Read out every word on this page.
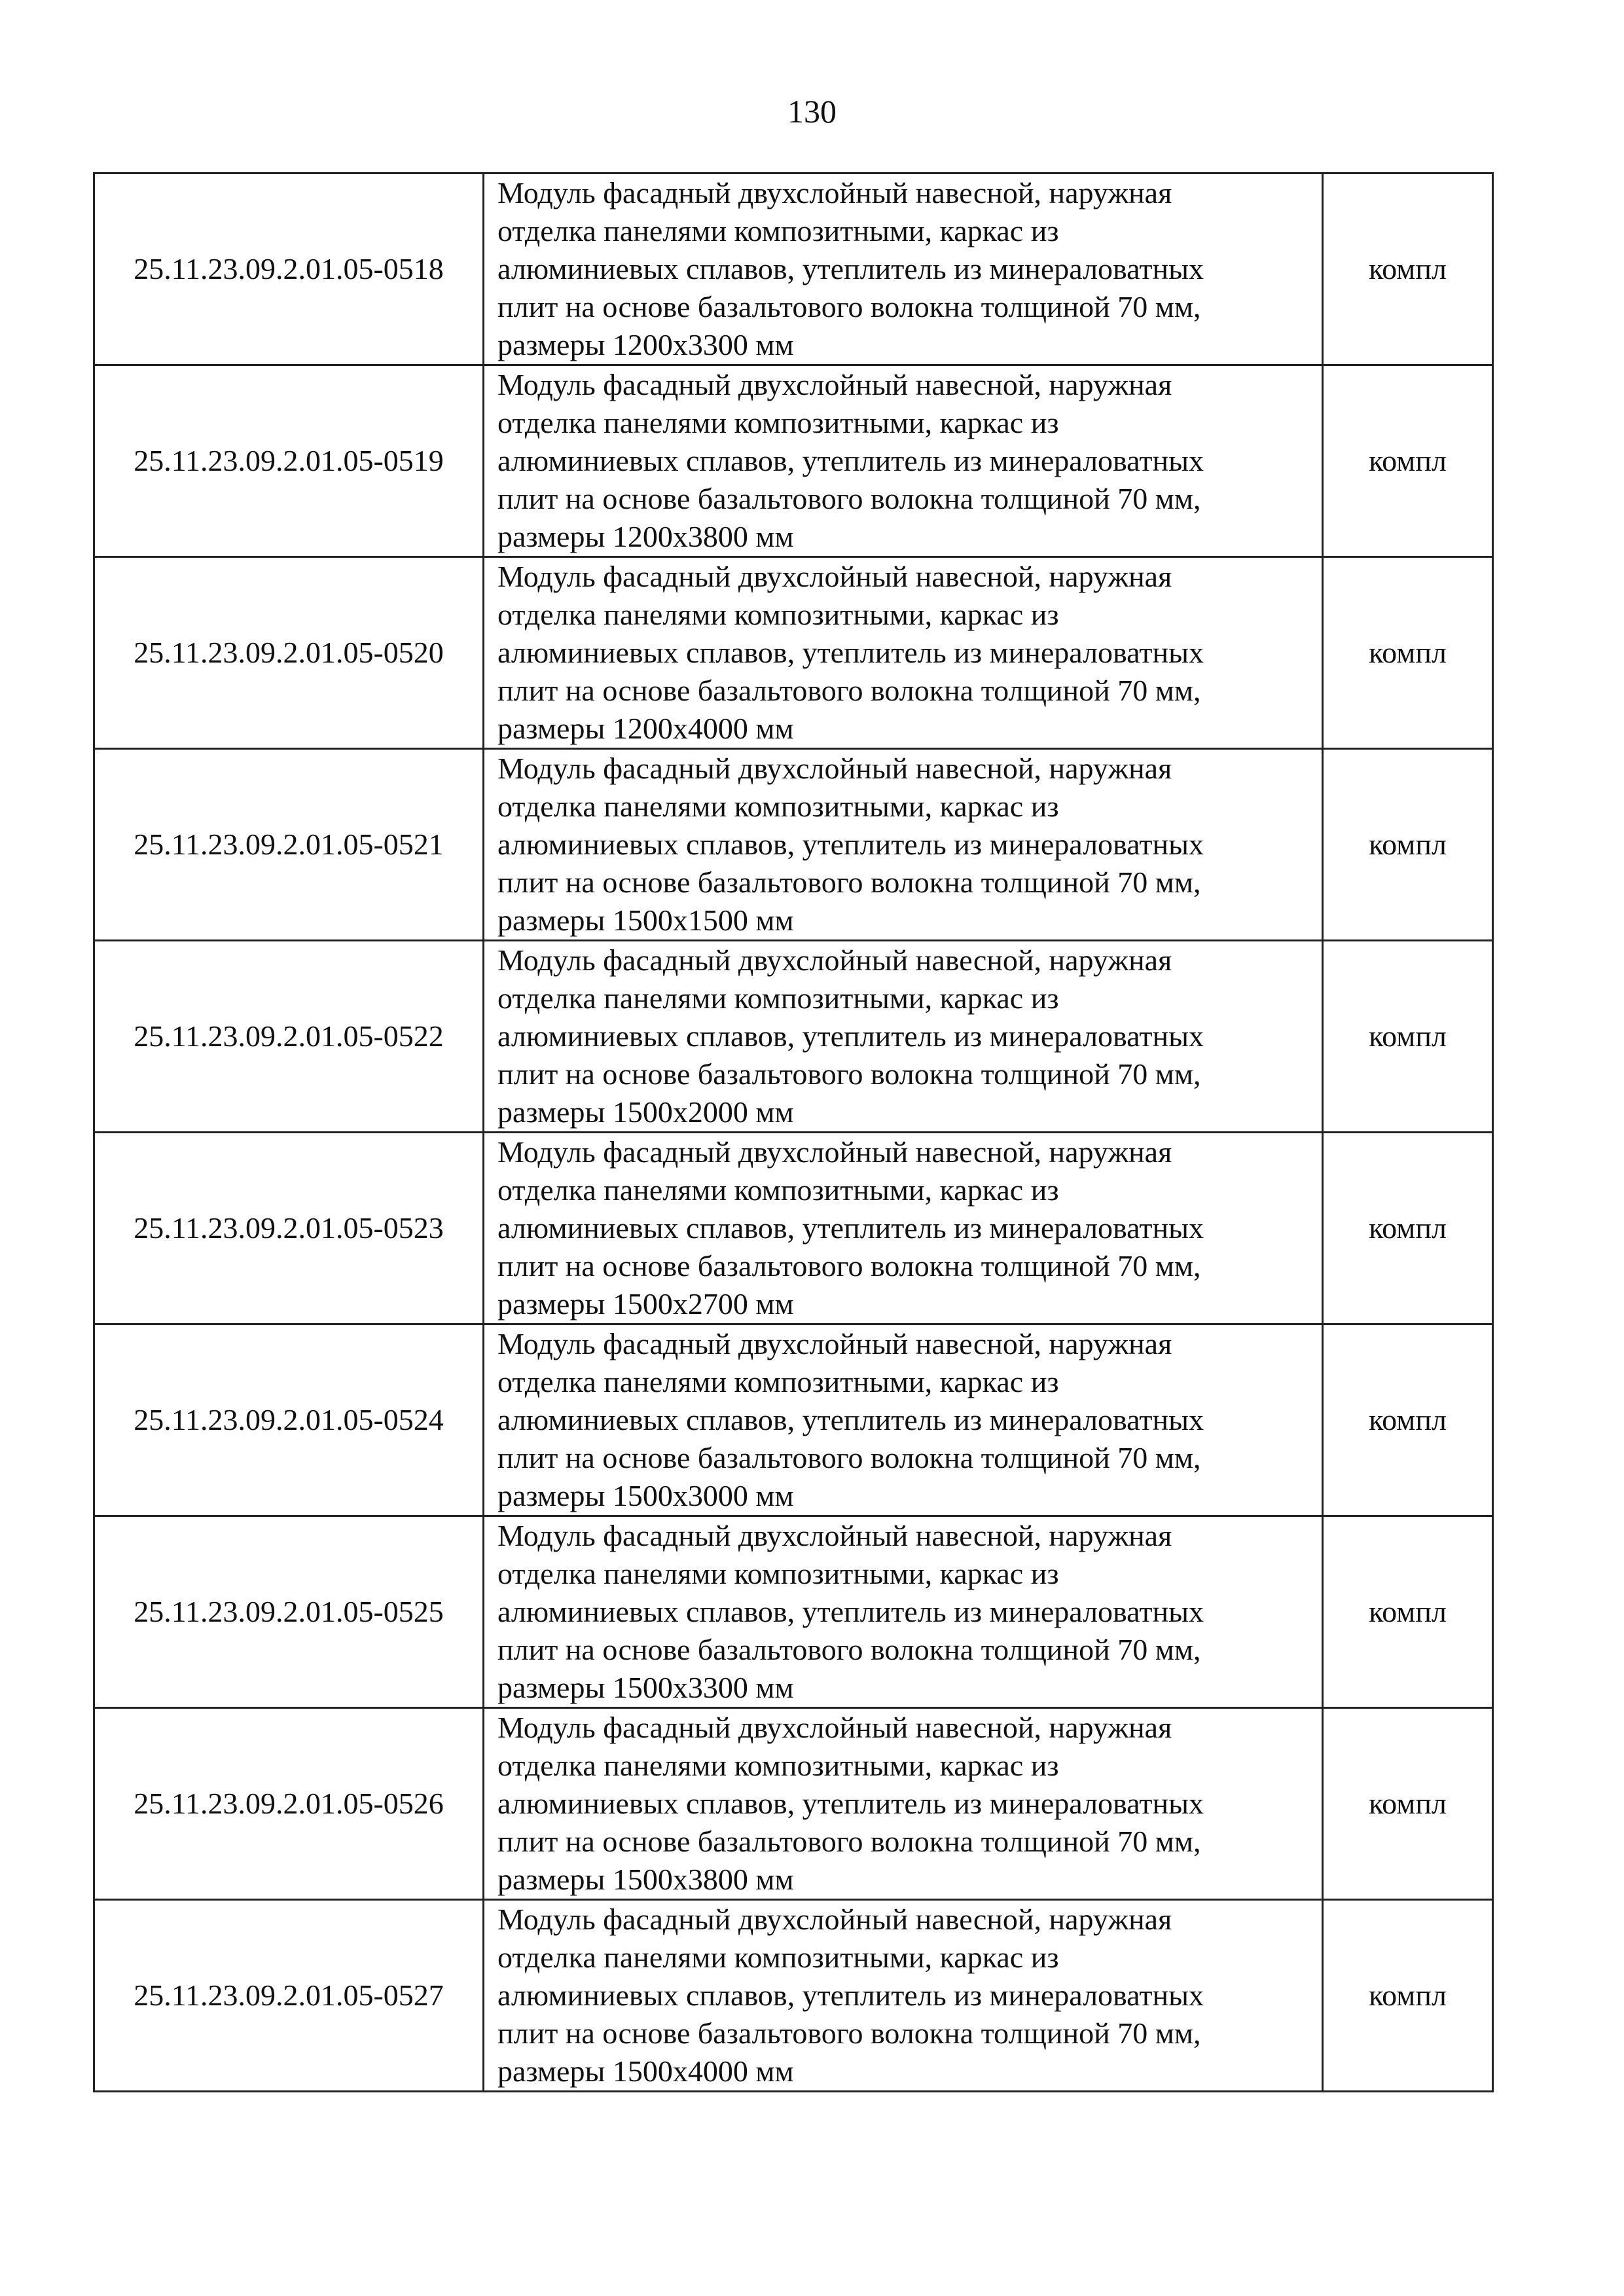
130
25.11.23.09.2.01.05-0518	Модуль фасадный двухслойный навесной, наружная
отделка панелями композитными, каркас из
алюминиевых сплавов, утеплитель из минераловатных
плит на основе базальтового волокна толщиной 70 мм,
размеры 1200х3300 мм	компл
25.11.23.09.2.01.05-0519	Модуль фасадный двухслойный навесной, наружная
отделка панелями композитными, каркас из
алюминиевых сплавов, утеплитель из минераловатных
плит на основе базальтового волокна толщиной 70 мм,
размеры 1200х3800 мм	компл
25.11.23.09.2.01.05-0520	Модуль фасадный двухслойный навесной, наружная
отделка панелями композитными, каркас из
алюминиевых сплавов, утеплитель из минераловатных
плит на основе базальтового волокна толщиной 70 мм,
размеры 1200х4000 мм	компл
25.11.23.09.2.01.05-0521	Модуль фасадный двухслойный навесной, наружная
отделка панелями композитными, каркас из
алюминиевых сплавов, утеплитель из минераловатных
плит на основе базальтового волокна толщиной 70 мм,
размеры 1500х1500 мм	компл
25.11.23.09.2.01.05-0522	Модуль фасадный двухслойный навесной, наружная
отделка панелями композитными, каркас из
алюминиевых сплавов, утеплитель из минераловатных
плит на основе базальтового волокна толщиной 70 мм,
размеры 1500х2000 мм	компл
25.11.23.09.2.01.05-0523	Модуль фасадный двухслойный навесной, наружная
отделка панелями композитными, каркас из
алюминиевых сплавов, утеплитель из минераловатных
плит на основе базальтового волокна толщиной 70 мм,
размеры 1500х2700 мм	компл
25.11.23.09.2.01.05-0524	Модуль фасадный двухслойный навесной, наружная
отделка панелями композитными, каркас из
алюминиевых сплавов, утеплитель из минераловатных
плит на основе базальтового волокна толщиной 70 мм,
размеры 1500х3000 мм	компл
25.11.23.09.2.01.05-0525	Модуль фасадный двухслойный навесной, наружная
отделка панелями композитными, каркас из
алюминиевых сплавов, утеплитель из минераловатных
плит на основе базальтового волокна толщиной 70 мм,
размеры 1500х3300 мм	компл
25.11.23.09.2.01.05-0526	Модуль фасадный двухслойный навесной, наружная
отделка панелями композитными, каркас из
алюминиевых сплавов, утеплитель из минераловатных
плит на основе базальтового волокна толщиной 70 мм,
размеры 1500х3800 мм	компл
25.11.23.09.2.01.05-0527	Модуль фасадный двухслойный навесной, наружная
отделка панелями композитными, каркас из
алюминиевых сплавов, утеплитель из минераловатных
плит на основе базальтового волокна толщиной 70 мм,
размеры 1500х4000 мм	компл
